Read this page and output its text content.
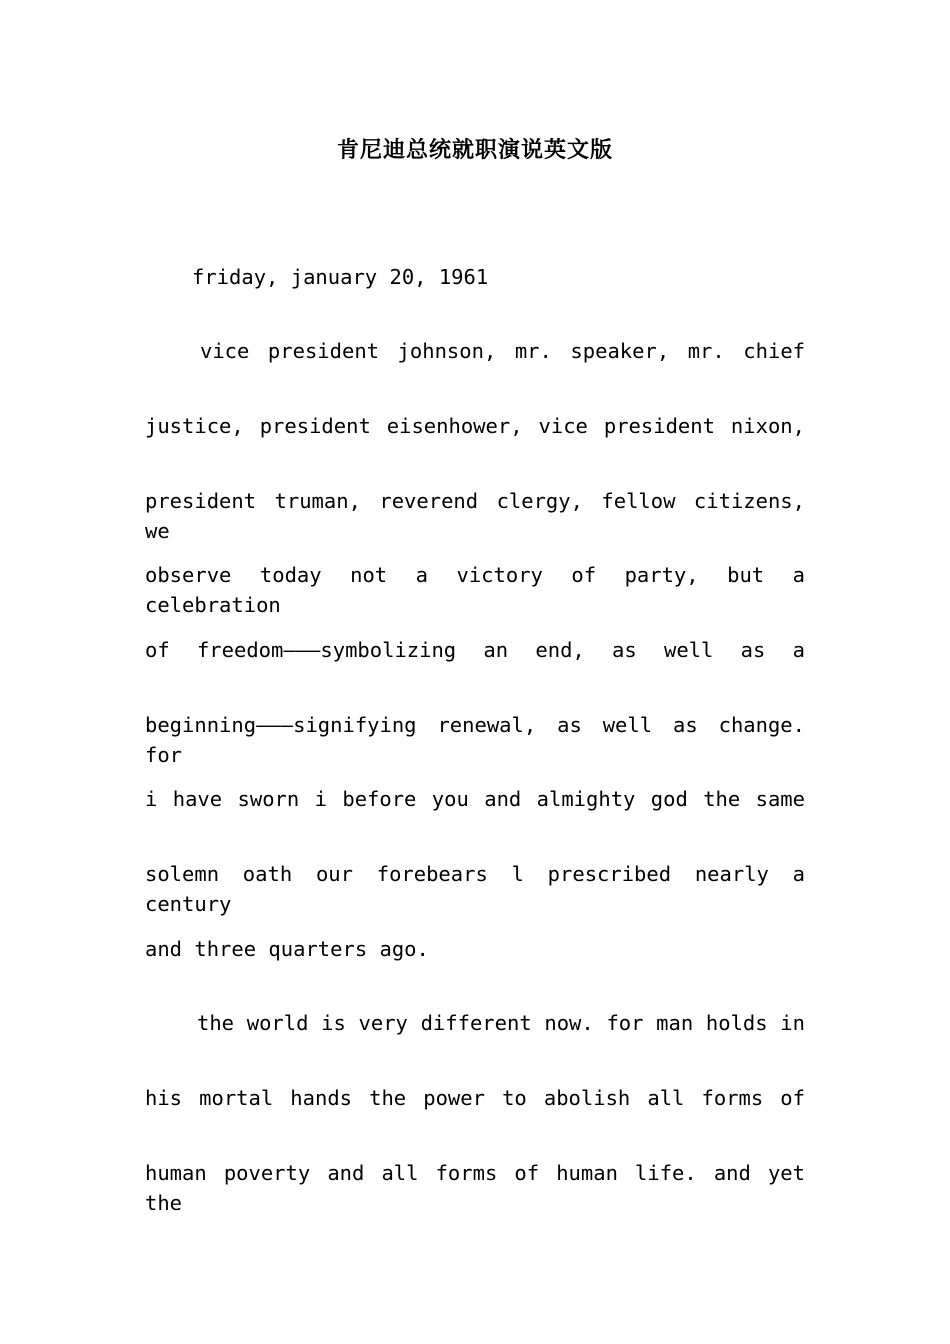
肯尼迪总统就职演说英文版

friday, january 20, 1961

vice president johnson, mr. speaker, mr. chief

justice, president eisenhower, vice president nixon,

president truman, reverend clergy, fellow citizens, we

observe today not a victory of party, but a celebration

of freedom———symbolizing an end, as well as a

beginning———signifying renewal, as well as change. for

i have sworn i before you and almighty god the same

solemn oath our forebears l prescribed nearly a century

and three quarters ago.

the world is very different now. for man holds in

his mortal hands the power to abolish all forms of

human poverty and all forms of human life. and yet the
